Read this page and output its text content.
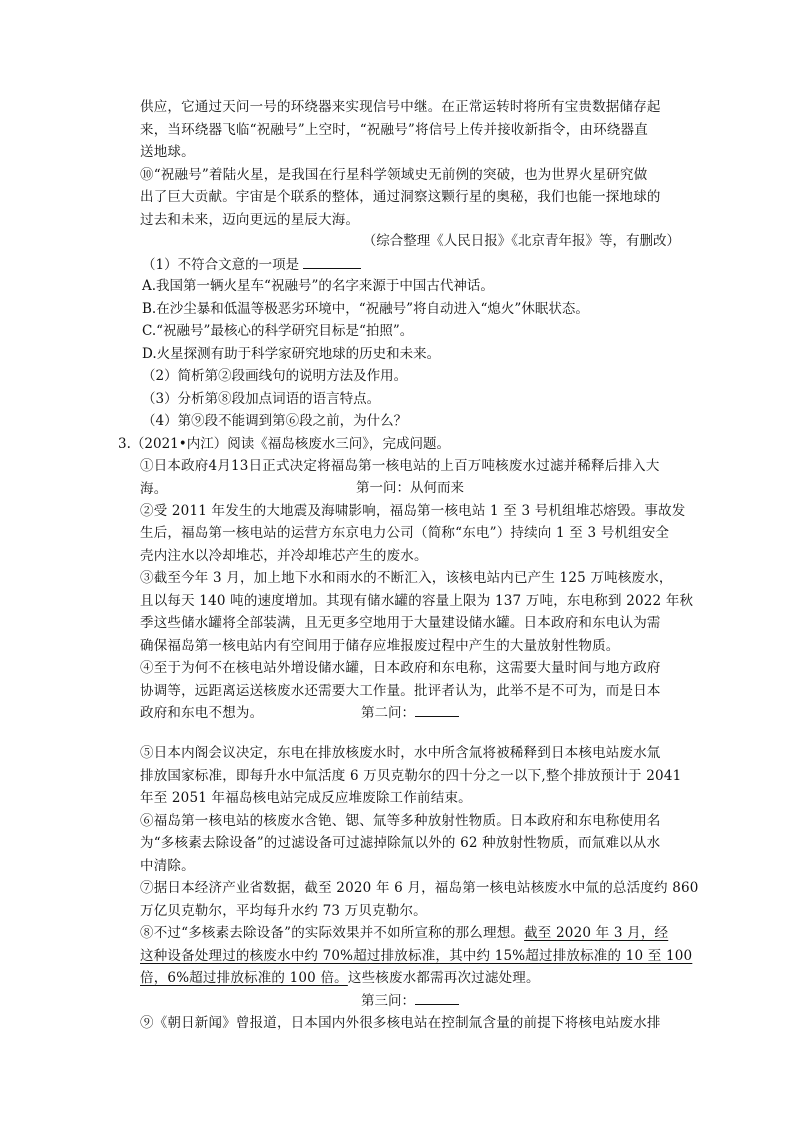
供应，它通过天问一号的环绕器来实现信号中继。在正常运转时将所有宝贵数据储存起
来，当环绕器飞临“祝融号”上空时，“祝融号”将信号上传并接收新指令，由环绕器直
送地球。
⑩“祝融号”着陆火星，是我国在行星科学领域史无前例的突破，也为世界火星研究做
出了巨大贡献。宇宙是个联系的整体，通过洞察这颗行星的奥秘，我们也能一探地球的
过去和未来，迈向更远的星辰大海。
（综合整理《人民日报》《北京青年报》等，有删改）
（1）不符合文意的一项是
A.我国第一辆火星车“祝融号”的名字来源于中国古代神话。
B.在沙尘暴和低温等极恶劣环境中，“祝融号”将自动进入“熄火”休眠状态。
C.“祝融号”最核心的科学研究目标是“拍照”。
D.火星探测有助于科学家研究地球的历史和未来。
（2）简析第②段画线句的说明方法及作用。
（3）分析第⑧段加点词语的语言特点。
（4）第⑨段不能调到第⑥段之前，为什么？
3.（2021•内江）阅读《福岛核废水三问》，完成问题。
①日本政府4月13日正式决定将福岛第一核电站的上百万吨核废水过滤并稀释后排入大
海。	第一问：从何而来
②受 2011 年发生的大地震及海啸影响，福岛第一核电站 1 至 3 号机组堆芯熔毁。事故发
生后，福岛第一核电站的运营方东京电力公司（简称“东电”）持续向 1 至 3 号机组安全
壳内注水以冷却堆芯，并冷却堆芯产生的废水。
③截至今年 3 月，加上地下水和雨水的不断汇入，该核电站内已产生 125 万吨核废水，
且以每天 140 吨的速度增加。其现有储水罐的容量上限为 137 万吨，东电称到 2022 年秋
季这些储水罐将全部装满，且无更多空地用于大量建设储水罐。日本政府和东电认为需
确保福岛第一核电站内有空间用于储存应堆报废过程中产生的大量放射性物质。
④至于为何不在核电站外增设储水罐，日本政府和东电称，这需要大量时间与地方政府
协调等，远距离运送核废水还需要大工作量。批评者认为，此举不是不可为，而是日本
政府和东电不想为。	第二问：
⑤日本内阁会议决定，东电在排放核废水时，水中所含氚将被稀释到日本核电站废水氚
排放国家标准，即每升水中氚活度 6 万贝克勒尔的四十分之一以下,整个排放预计于 2041
年至 2051 年福岛核电站完成反应堆废除工作前结束。
⑥福岛第一核电站的核废水含铯、锶、氚等多种放射性物质。日本政府和东电称使用名
为“多核素去除设备”的过滤设备可过滤掉除氚以外的 62 种放射性物质，而氚难以从水
中清除。
⑦据日本经济产业省数据，截至 2020 年 6 月，福岛第一核电站核废水中氚的总活度约 860
万亿贝克勒尔，平均每升水约 73 万贝克勒尔。
⑧不过“多核素去除设备”的实际效果并不如所宣称的那么理想。截至 2020 年 3 月，经
这种设备处理过的核废水中约 70%超过排放标准，其中约 15%超过排放标准的 10 至 100
倍，6%超过排放标准的 100 倍。这些核废水都需再次过滤处理。
第三问：
⑨《朝日新闻》曾报道，日本国内外很多核电站在控制氚含量的前提下将核电站废水排
